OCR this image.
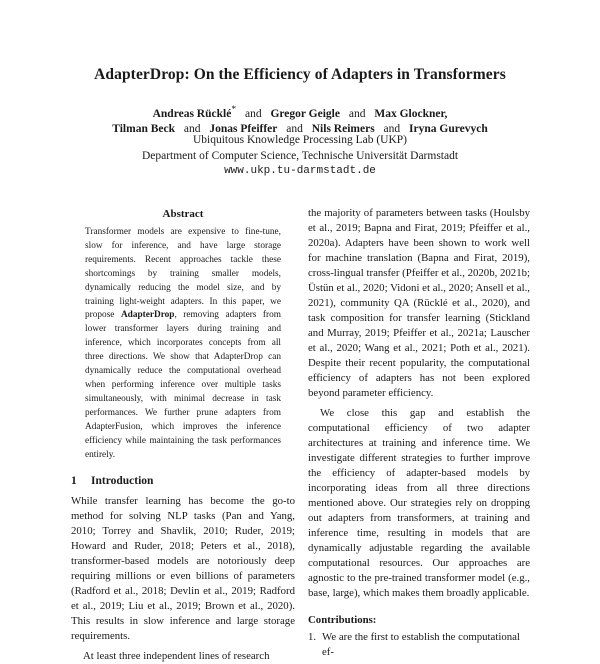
AdapterDrop: On the Efficiency of Adapters in Transformers
Andreas Rücklé* and Gregor Geigle and Max Glockner,
Tilman Beck and Jonas Pfeiffer and Nils Reimers and Iryna Gurevych
Ubiquitous Knowledge Processing Lab (UKP)
Department of Computer Science, Technische Universität Darmstadt
www.ukp.tu-darmstadt.de
Abstract
Transformer models are expensive to fine-tune, slow for inference, and have large storage requirements. Recent approaches tackle these shortcomings by training smaller models, dynamically reducing the model size, and by training light-weight adapters. In this paper, we propose AdapterDrop, removing adapters from lower transformer layers during training and inference, which incorporates concepts from all three directions. We show that AdapterDrop can dynamically reduce the computational overhead when performing inference over multiple tasks simultaneously, with minimal decrease in task performances. We further prune adapters from AdapterFusion, which improves the inference efficiency while maintaining the task performances entirely.
1 Introduction

While transfer learning has become the go-to method for solving NLP tasks (Pan and Yang, 2010; Torrey and Shavlik, 2010; Ruder, 2019; Howard and Ruder, 2018; Peters et al., 2018), transformer-based models are notoriously deep requiring millions or even billions of parameters (Radford et al., 2018; Devlin et al., 2019; Radford et al., 2019; Liu et al., 2019; Brown et al., 2020). This results in slow inference and large storage requirements.

At least three independent lines of research

the majority of parameters between tasks (Houlsby et al., 2019; Bapna and Firat, 2019; Pfeiffer et al., 2020a). Adapters have been shown to work well for machine translation (Bapna and Firat, 2019), cross-lingual transfer (Pfeiffer et al., 2020b, 2021b; Üstün et al., 2020; Vidoni et al., 2020; Ansell et al., 2021), community QA (Rücklé et al., 2020), and task composition for transfer learning (Stickland and Murray, 2019; Pfeiffer et al., 2021a; Lauscher et al., 2020; Wang et al., 2021; Poth et al., 2021). Despite their recent popularity, the computational efficiency of adapters has not been explored beyond parameter efficiency.

We close this gap and establish the computational efficiency of two adapter architectures at training and inference time. We investigate different strategies to further improve the efficiency of adapter-based models by incorporating ideas from all three directions mentioned above. Our strategies rely on dropping out adapters from transformers, at training and inference time, resulting in models that are dynamically adjustable regarding the available computational resources. Our approaches are agnostic to the pre-trained transformer model (e.g., base, large), which makes them broadly applicable.

Contributions:
1. We are the first to establish the computational ef-
